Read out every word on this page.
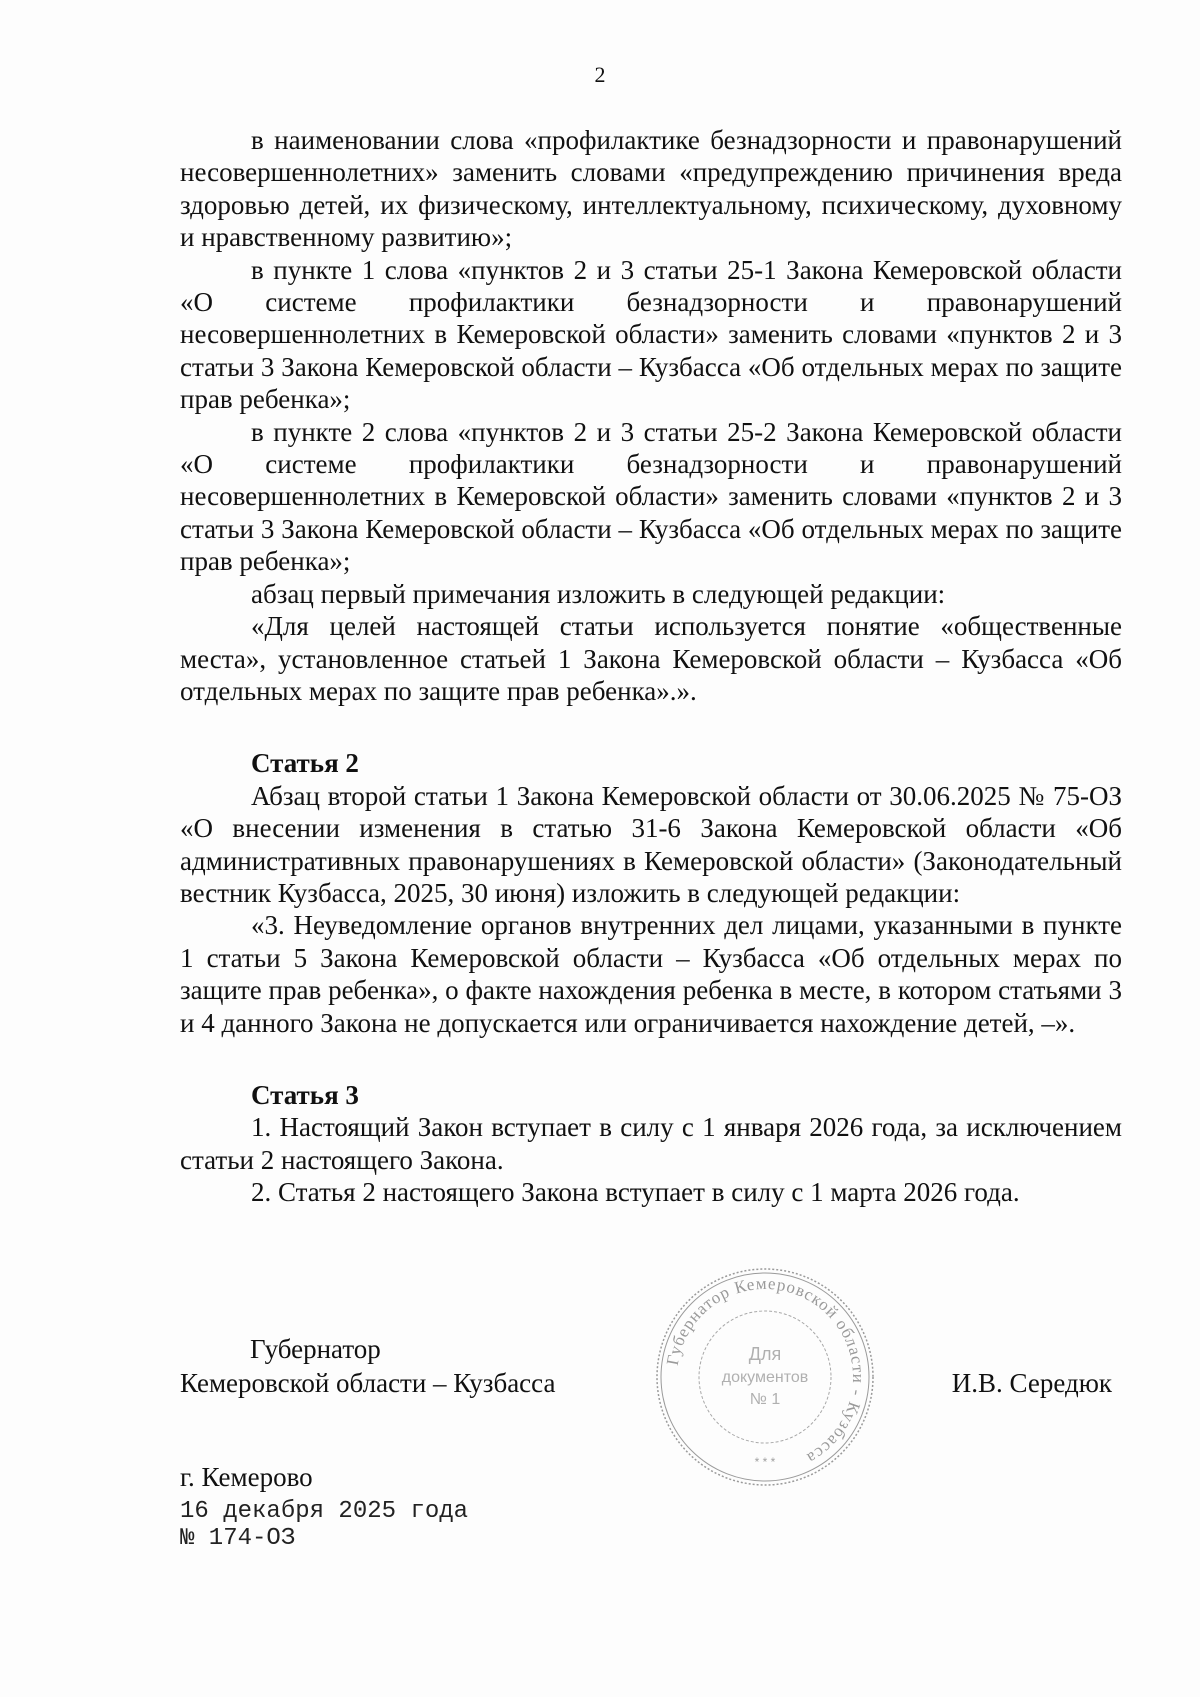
2

в наименовании слова «профилактике безнадзорности и правонарушений несовершеннолетних» заменить словами «предупреждению причинения вреда здоровью детей, их физическому, интеллектуальному, психическому, духовному и нравственному развитию»;

в пункте 1 слова «пунктов 2 и 3 статьи 25-1 Закона Кемеровской области «О системе профилактики безнадзорности и правонарушений несовершеннолетних в Кемеровской области» заменить словами «пунктов 2 и 3 статьи 3 Закона Кемеровской области – Кузбасса «Об отдельных мерах по защите прав ребенка»;

в пункте 2 слова «пунктов 2 и 3 статьи 25-2 Закона Кемеровской области «О системе профилактики безнадзорности и правонарушений несовершеннолетних в Кемеровской области» заменить словами «пунктов 2 и 3 статьи 3 Закона Кемеровской области – Кузбасса «Об отдельных мерах по защите прав ребенка»;

абзац первый примечания изложить в следующей редакции:

«Для целей настоящей статьи используется понятие «общественные места», установленное статьей 1 Закона Кемеровской области – Кузбасса «Об отдельных мерах по защите прав ребенка».».

Статья 2

Абзац второй статьи 1 Закона Кемеровской области от 30.06.2025 № 75-ОЗ «О внесении изменения в статью 31-6 Закона Кемеровской области «Об административных правонарушениях в Кемеровской области» (Законодательный вестник Кузбасса, 2025, 30 июня) изложить в следующей редакции:

«3. Неуведомление органов внутренних дел лицами, указанными в пункте 1 статьи 5 Закона Кемеровской области – Кузбасса «Об отдельных мерах по защите прав ребенка», о факте нахождения ребенка в месте, в котором статьями 3 и 4 данного Закона не допускается или ограничивается нахождение детей, –».

Статья 3

1. Настоящий Закон вступает в силу с 1 января 2026 года, за исключением статьи 2 настоящего Закона.

2. Статья 2 настоящего Закона вступает в силу с 1 марта 2026 года.

Губернатор Кемеровской области - Кузбасса
Для
документов
№ 1
* * *
Губернатор
Кемеровской области – Кузбасса	И.В. Середюк
г. Кемерово
16 декабря 2025 года
№ 174-ОЗ
